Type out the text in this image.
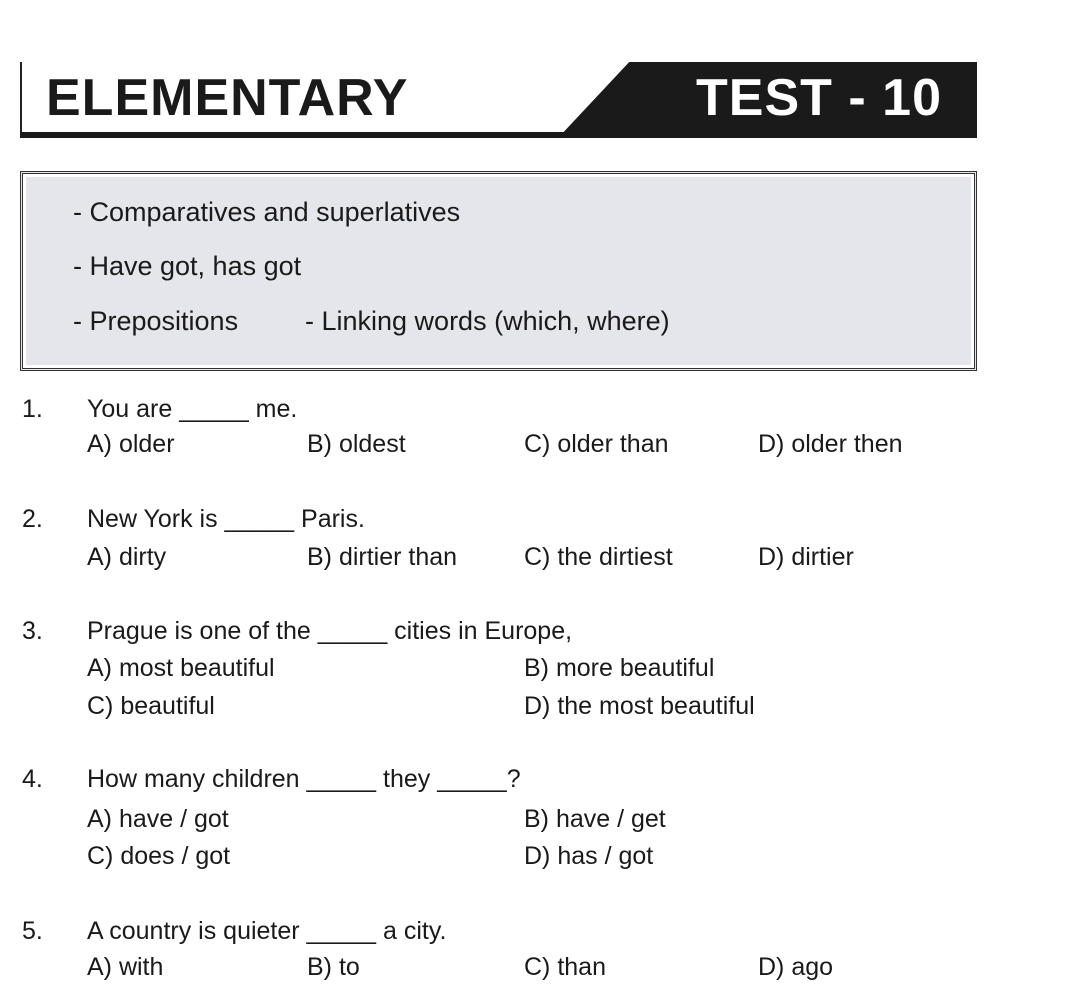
ELEMENTARY	TEST - 10
- Comparatives and superlatives
- Have got, has got
- Prepositions - Linking words (which, where)
1. You are _____ me.
A) older	B) oldest	C) older than	D) older then
2. New York is _____ Paris.
A) dirty	B) dirtier than	C) the dirtiest	D) dirtier
3. Prague is one of the _____ cities in Europe,
A) most beautiful	B) more beautiful
C) beautiful	D) the most beautiful
4. How many children _____ they _____?
A) have / got	B) have / get
C) does / got	D) has / got
5. A country is quieter _____ a city.
A) with	B) to	C) than	D) ago
